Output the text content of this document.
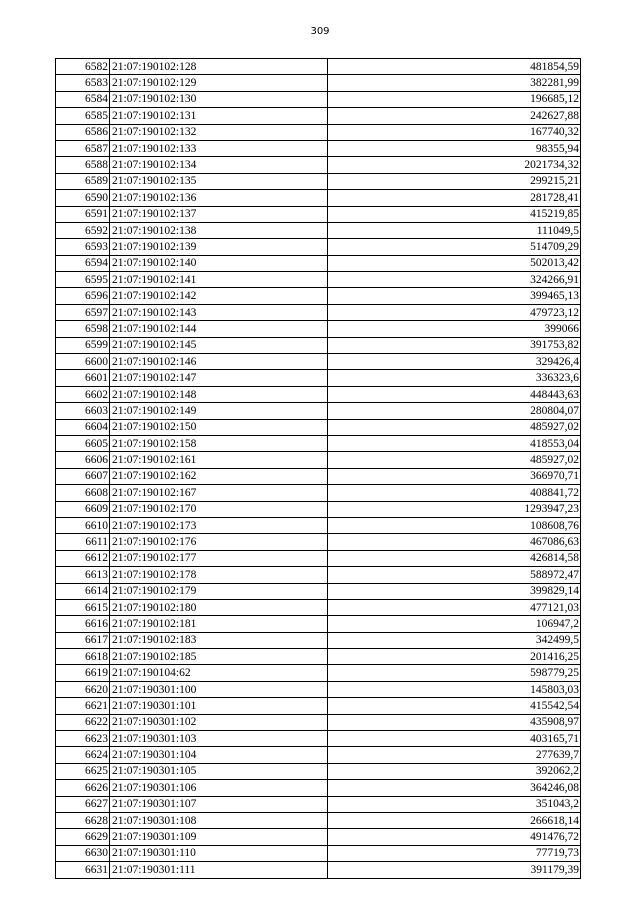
309
6582	21:07:190102:128	481854,59
6583	21:07:190102:129	382281,99
6584	21:07:190102:130	196685,12
6585	21:07:190102:131	242627,88
6586	21:07:190102:132	167740,32
6587	21:07:190102:133	98355,94
6588	21:07:190102:134	2021734,32
6589	21:07:190102:135	299215,21
6590	21:07:190102:136	281728,41
6591	21:07:190102:137	415219,85
6592	21:07:190102:138	111049,5
6593	21:07:190102:139	514709,29
6594	21:07:190102:140	502013,42
6595	21:07:190102:141	324266,91
6596	21:07:190102:142	399465,13
6597	21:07:190102:143	479723,12
6598	21:07:190102:144	399066
6599	21:07:190102:145	391753,82
6600	21:07:190102:146	329426,4
6601	21:07:190102:147	336323,6
6602	21:07:190102:148	448443,63
6603	21:07:190102:149	280804,07
6604	21:07:190102:150	485927,02
6605	21:07:190102:158	418553,04
6606	21:07:190102:161	485927,02
6607	21:07:190102:162	366970,71
6608	21:07:190102:167	408841,72
6609	21:07:190102:170	1293947,23
6610	21:07:190102:173	108608,76
6611	21:07:190102:176	467086,63
6612	21:07:190102:177	426814,58
6613	21:07:190102:178	588972,47
6614	21:07:190102:179	399829,14
6615	21:07:190102:180	477121,03
6616	21:07:190102:181	106947,2
6617	21:07:190102:183	342499,5
6618	21:07:190102:185	201416,25
6619	21:07:190104:62	598779,25
6620	21:07:190301:100	145803,03
6621	21:07:190301:101	415542,54
6622	21:07:190301:102	435908,97
6623	21:07:190301:103	403165,71
6624	21:07:190301:104	277639,7
6625	21:07:190301:105	392062,2
6626	21:07:190301:106	364246,08
6627	21:07:190301:107	351043,2
6628	21:07:190301:108	266618,14
6629	21:07:190301:109	491476,72
6630	21:07:190301:110	77719,73
6631	21:07:190301:111	391179,39
